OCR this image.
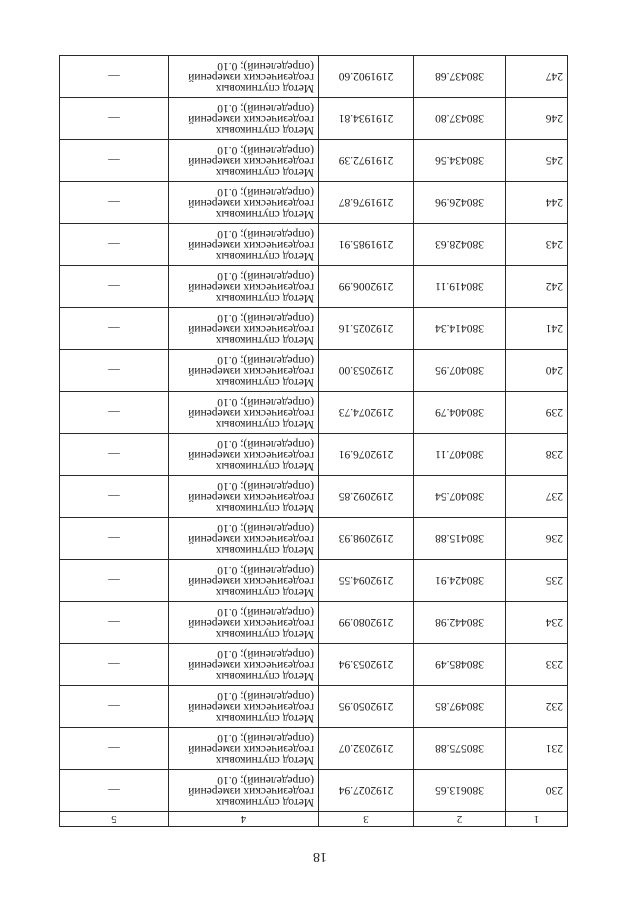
18
1	2	3	4	5
230	380613.65	2192027.94	Метод спутниковых
геодезических измерений
(определений); 0.10	—
231	380575.88	2192032.07	Метод спутниковых
геодезических измерений
(определений); 0.10	—
232	380497.85	2192050.95	Метод спутниковых
геодезических измерений
(определений); 0.10	—
233	380485.49	2192053.94	Метод спутниковых
геодезических измерений
(определений); 0.10	—
234	380442.98	2192080.99	Метод спутниковых
геодезических измерений
(определений); 0.10	—
235	380424.91	2192094.55	Метод спутниковых
геодезических измерений
(определений); 0.10	—
236	380415.88	2192098.93	Метод спутниковых
геодезических измерений
(определений); 0.10	—
237	380407.54	2192092.85	Метод спутниковых
геодезических измерений
(определений); 0.10	—
238	380407.11	2192076.91	Метод спутниковых
геодезических измерений
(определений); 0.10	—
239	380404.79	2192074.73	Метод спутниковых
геодезических измерений
(определений); 0.10	—
240	380407.95	2192053.00	Метод спутниковых
геодезических измерений
(определений); 0.10	—
241	380414.34	2192025.16	Метод спутниковых
геодезических измерений
(определений); 0.10	—
242	380419.11	2192006.99	Метод спутниковых
геодезических измерений
(определений); 0.10	—
243	380428.63	2191985.91	Метод спутниковых
геодезических измерений
(определений); 0.10	—
244	380426.96	2191976.87	Метод спутниковых
геодезических измерений
(определений); 0.10	—
245	380434.56	2191972.39	Метод спутниковых
геодезических измерений
(определений); 0.10	—
246	380437.80	2191934.81	Метод спутниковых
геодезических измерений
(определений); 0.10	—
247	380437.68	2191902.60	Метод спутниковых
геодезических измерений
(определений); 0.10	—
